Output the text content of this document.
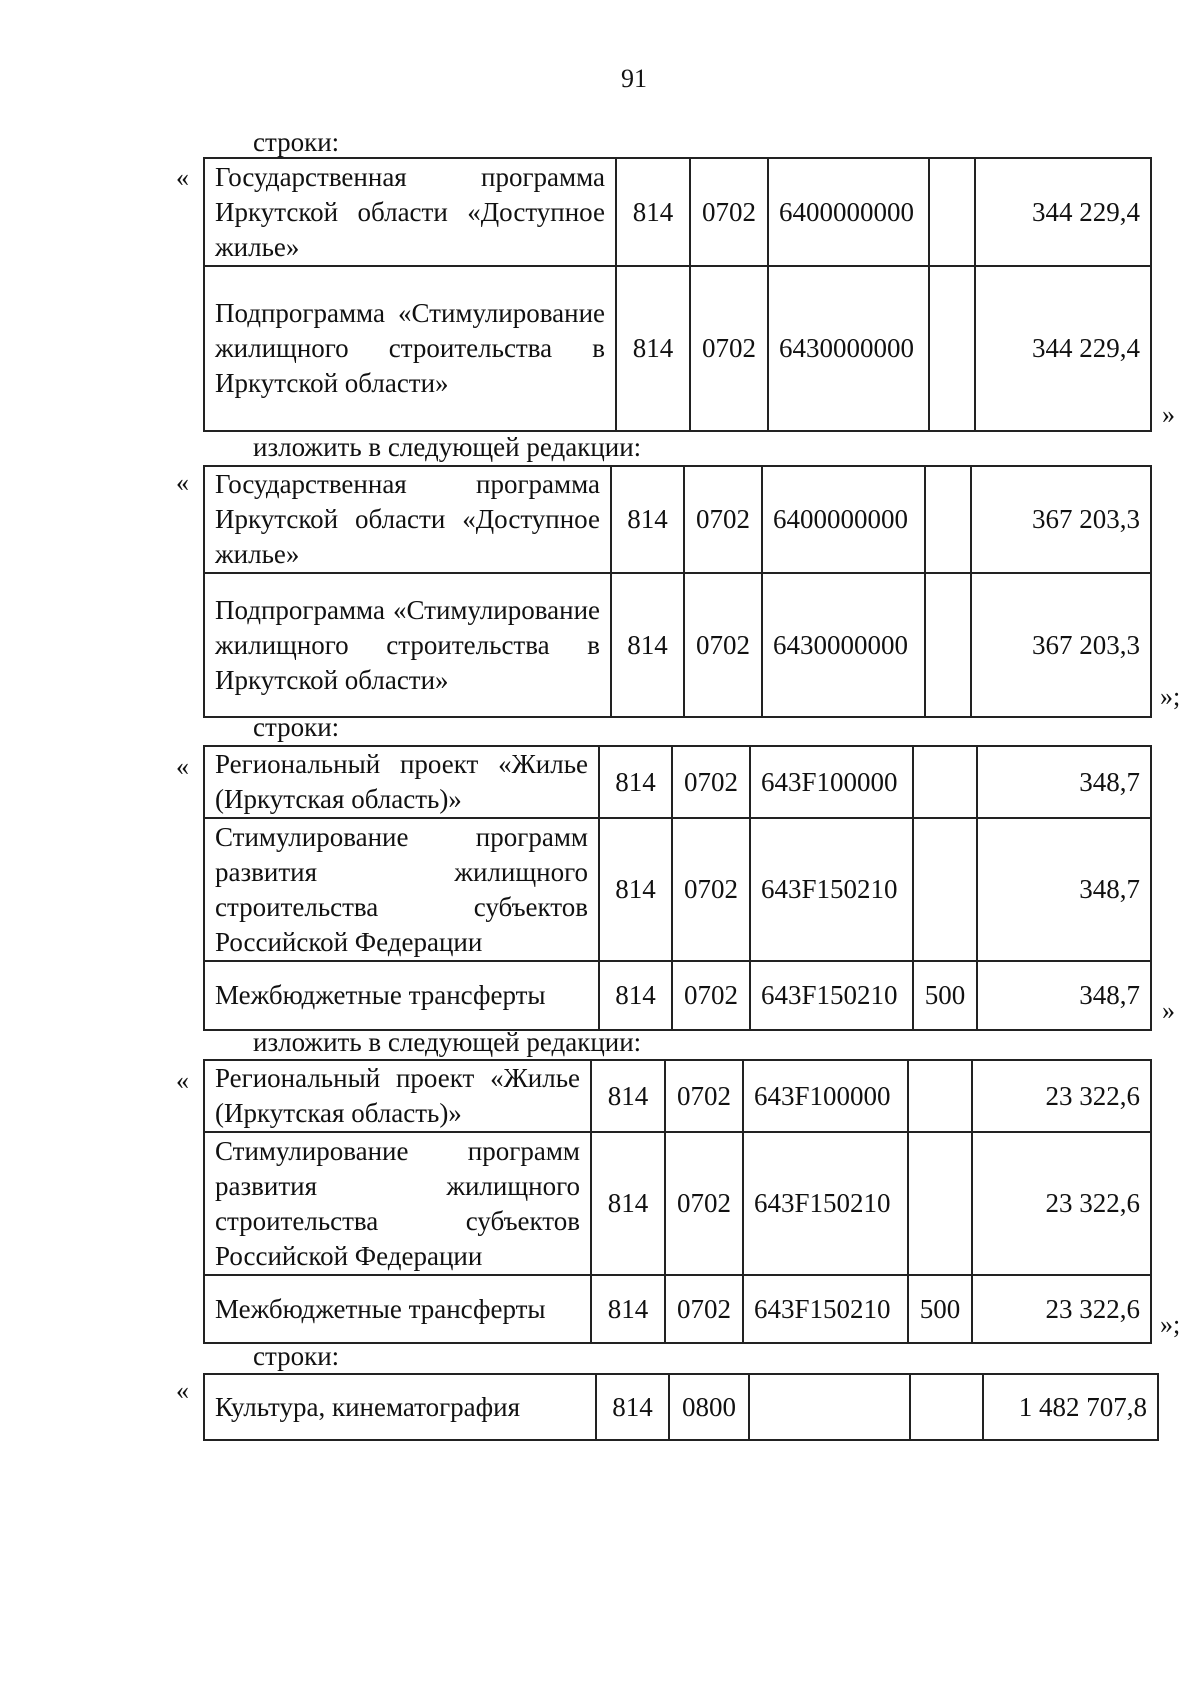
91
строки:
« Государственная программа Иркутской области «Доступное жилье»	814	0702	6400000000		344 229,4
Подпрограмма «Стимулирование жилищного строительства в Иркутской области»	814	0702	6430000000		344 229,4
»
изложить в следующей редакции:
« Государственная программа Иркутской области «Доступное жилье»	814	0702	6400000000		367 203,3
Подпрограмма «Стимулирование жилищного строительства в Иркутской области»	814	0702	6430000000		367 203,3
»;
строки:
« Региональный проект «Жилье (Иркутская область)»	814	0702	643F100000		348,7
Стимулирование программ развития жилищного строительства субъектов Российской Федерации	814	0702	643F150210		348,7
Межбюджетные трансферты	814	0702	643F150210	500	348,7
»
изложить в следующей редакции:
« Региональный проект «Жилье (Иркутская область)»	814	0702	643F100000		23 322,6
Стимулирование программ развития жилищного строительства субъектов Российской Федерации	814	0702	643F150210		23 322,6
Межбюджетные трансферты	814	0702	643F150210	500	23 322,6
»;
строки:
«
Культура, кинематография	814	0800			1 482 707,8
